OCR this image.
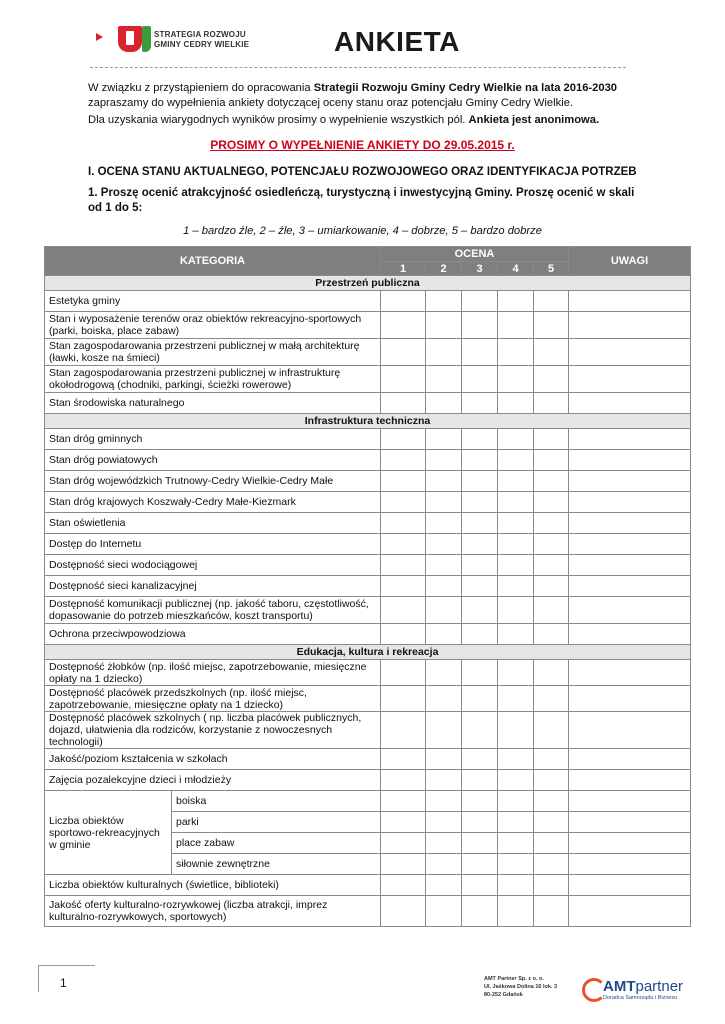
STRATEGIA ROZWOJU
GMINY CEDRY WIELKIE	ANKIETA
W związku z przystąpieniem do opracowania Strategii Rozwoju Gminy Cedry Wielkie na lata 2016-2030 zapraszamy do wypełnienia ankiety dotyczącej oceny stanu oraz potencjału Gminy Cedry Wielkie.
Dla uzyskania wiarygodnych wyników prosimy o wypełnienie wszystkich pól. Ankieta jest anonimowa.
PROSIMY O WYPEŁNIENIE ANKIETY DO 29.05.2015 r.
I. OCENA STANU AKTUALNEGO, POTENCJAŁU ROZWOJOWEGO ORAZ IDENTYFIKACJA POTRZEB
1. Proszę ocenić atrakcyjność osiedleńczą, turystyczną i inwestycyjną Gminy. Proszę ocenić w skali od 1 do 5:
1 – bardzo źle, 2 – źle, 3 – umiarkowanie, 4 – dobrze, 5 – bardzo dobrze
KATEGORIA		OCENA					UWAGI
		1	2	3	4	5	
Przestrzeń publiczna							
Estetyka gminy							
Stan i wyposażenie terenów oraz obiektów rekreacyjno-sportowych (parki, boiska, place zabaw)							
Stan zagospodarowania przestrzeni publicznej w małą architekturę (ławki, kosze na śmieci)							
Stan zagospodarowania przestrzeni publicznej w infrastrukturę okołodrogową (chodniki, parkingi, ścieżki rowerowe)							
Stan środowiska naturalnego							
Infrastruktura techniczna							
Stan dróg gminnych							
Stan dróg powiatowych							
Stan dróg wojewódzkich Trutnowy-Cedry Wielkie-Cedry Małe							
Stan dróg krajowych Koszwały-Cedry Małe-Kiezmark							
Stan oświetlenia							
Dostęp do Internetu							
Dostępność sieci wodociągowej							
Dostępność sieci kanalizacyjnej							
Dostępność komunikacji publicznej (np. jakość taboru, częstotliwość, dopasowanie do potrzeb mieszkańców, koszt transportu)							
Ochrona przeciwpowodziowa							
Edukacja, kultura i rekreacja							
Dostępność żłobków (np. ilość miejsc, zapotrzebowanie, miesięczne opłaty na 1 dziecko)							
Dostępność placówek przedszkolnych (np. ilość miejsc, zapotrzebowanie, miesięczne opłaty na 1 dziecko)							
Dostępność placówek szkolnych ( np. liczba placówek publicznych, dojazd, ułatwienia dla rodziców, korzystanie z nowoczesnych technologii)							
Jakość/poziom kształcenia w szkołach							
Zajęcia pozalekcyjne dzieci i młodzieży							
Liczba obiektów sportowo-rekreacyjnych w gminie	boiska						
	parki						
	place zabaw						
	siłownie zewnętrzne						
Liczba obiektów kulturalnych (świetlice, biblioteki)							
Jakość oferty kulturalno-rozrywkowej (liczba atrakcji, imprez kulturalno-rozrywkowych, sportowych)							
1	AMT Partner Sp. z o. o.
Ul. Jaśkowa Dolina 16 lok. 3
80-252 Gdańsk	AMTpartner
Doradca Samorządu i Biznesu
